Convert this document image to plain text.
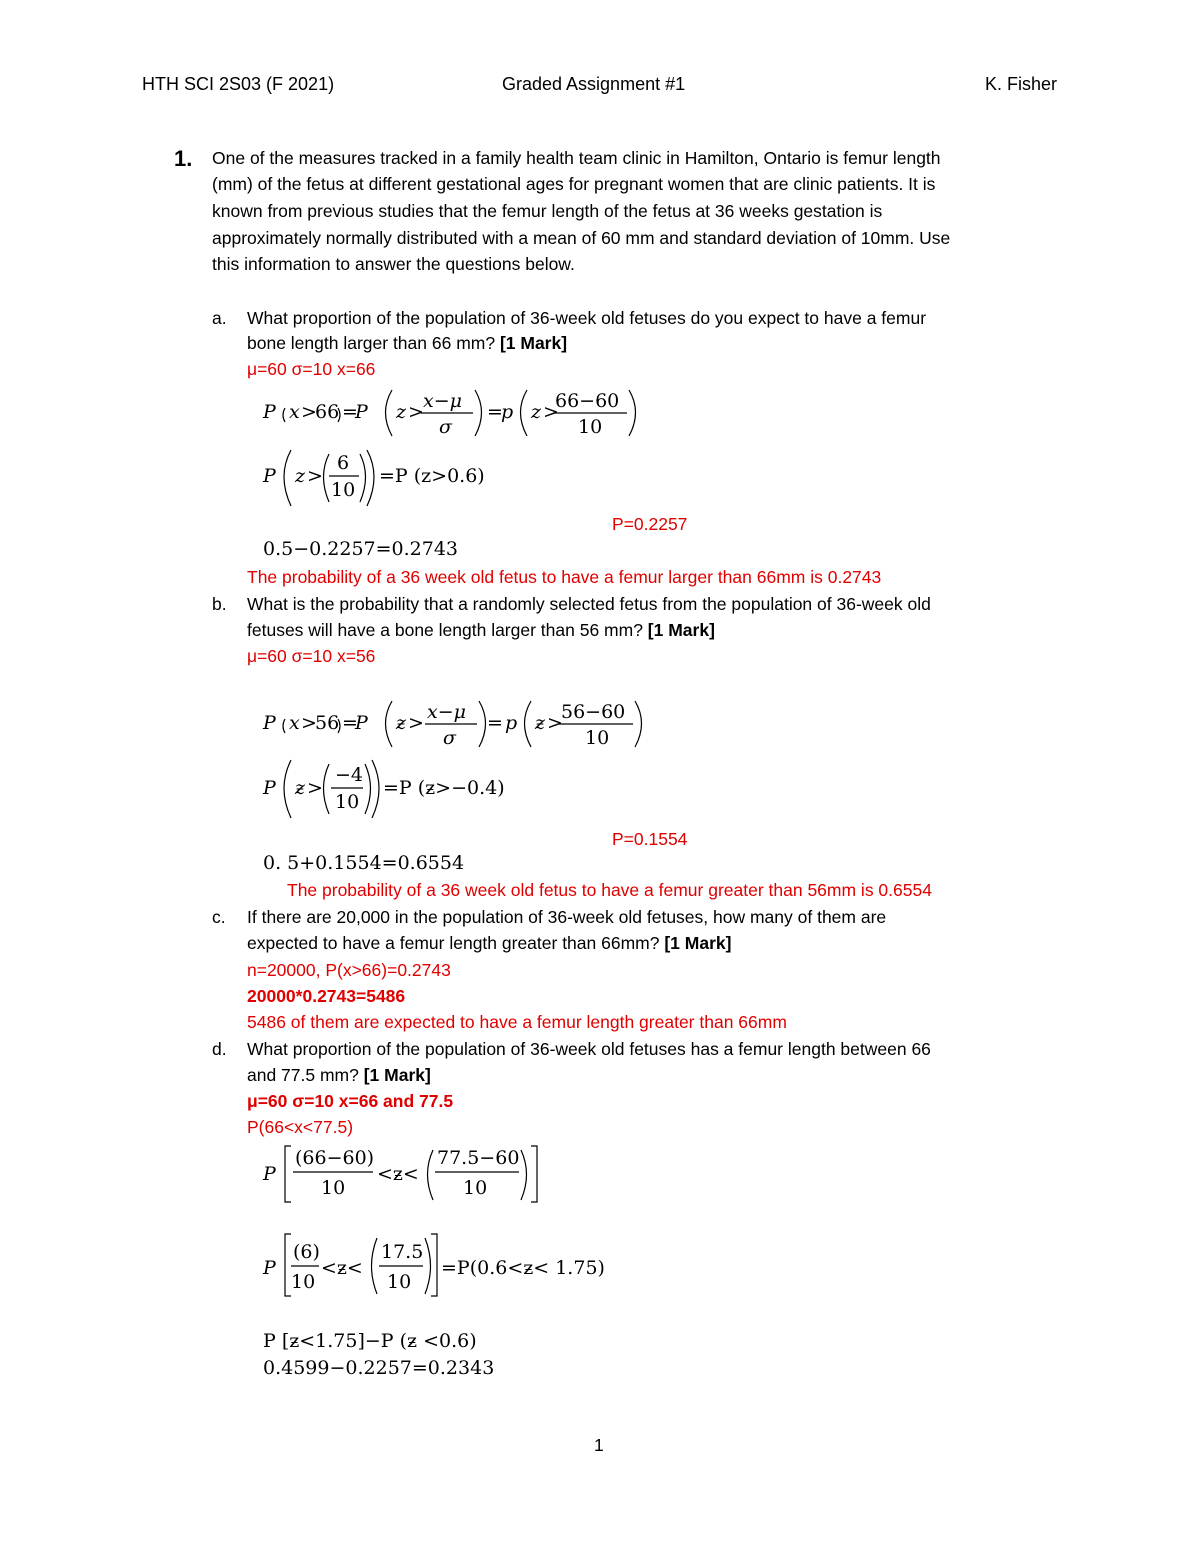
HTH SCI 2S03 (F 2021)	Graded Assignment #1	K. Fisher
1. One of the measures tracked in a family health team clinic in Hamilton, Ontario is femur length
(mm) of the fetus at different gestational ages for pregnant women that are clinic patients. It is
known from previous studies that the femur length of the fetus at 36 weeks gestation is
approximately normally distributed with a mean of 60 mm and standard deviation of 10mm. Use
this information to answer the questions below.
a. What proportion of the population of 36-week old fetuses do you expect to have a femur
bone length larger than 66 mm? [1 Mark]
μ=60 σ=10 x=66
P x >
66 =
P z > x−μ
σ
=
p z >
66−60
10
P z >
6
10
=P (z>0.6)
P=0.2257
0.5−0.2257=0.2743
The probability of a 36 week old fetus to have a femur larger than 66mm is 0.2743
b. What is the probability that a randomly selected fetus from the population of 36-week old
fetuses will have a bone length larger than 56 mm? [1 Mark]
μ=60 σ=10 x=56
P x >
56 =
P ƶ > x−μ
σ
= p ƶ >
56−60
10
P ƶ >
−4
10
=P (ƶ>−0.4)
P=0.1554
0. 5+0.1554=0.6554
The probability of a 36 week old fetus to have a femur greater than 56mm is 0.6554
c. If there are 20,000 in the population of 36-week old fetuses, how many of them are
expected to have a femur length greater than 66mm? [1 Mark]
n=20000, P(x>66)=0.2743
20000*0.2743=5486
5486 of them are expected to have a femur length greater than 66mm
d. What proportion of the population of 36-week old fetuses has a femur length between 66
and 77.5 mm? [1 Mark]
μ=60 σ=10 x=66 and 77.5
P(66<x<77.5)
P
(66−60)
10
<ƶ<
77.5−60
10
P
(6)
10
<ƶ<
17.5
10
=P(0.6<ƶ< 1.75)
P [ƶ<1.75]−P (ƶ <0.6)
0.4599−0.2257=0.2343
1
